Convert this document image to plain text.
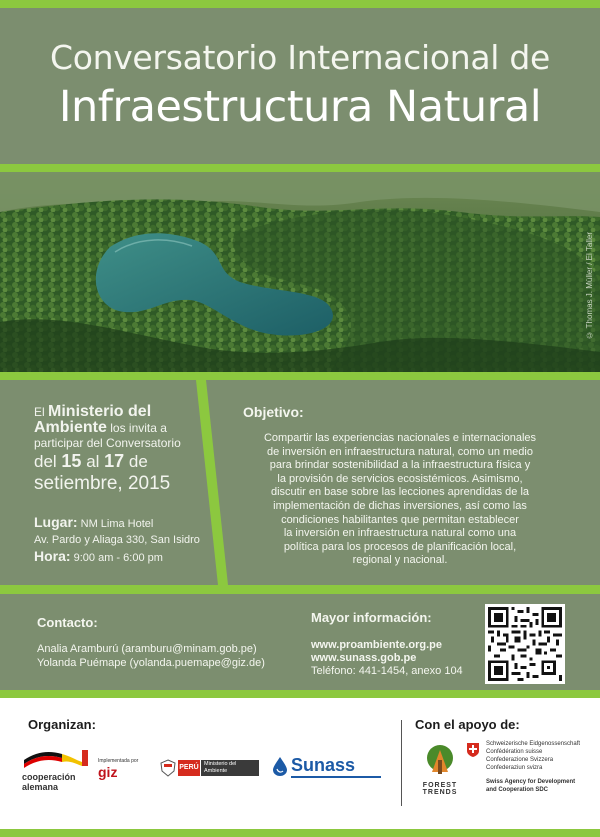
Conversatorio Internacional de
Infraestructura Natural
© Thomas J. Müller / El Taller
El Ministerio del
Ambiente los invita a
participar del Conversatorio
del 15 al 17 de
setiembre, 2015
Lugar: NM Lima Hotel
Av. Pardo y Aliaga 330, San Isidro
Hora: 9:00 am - 6:00 pm
Objetivo:
Compartir las experiencias nacionales e internacionales
de inversión en infraestructura natural, como un medio
para brindar sostenibilidad a la infraestructura física y
la provisión de servicios ecosistémicos. Asimismo,
discutir en base sobre las lecciones aprendidas de la
implementación de dichas inversiones, así como las
condiciones habilitantes que permitan establecer
la inversión en infraestructura natural como una
política para los procesos de planificación local,
regional y nacional.
Contacto:
Analia Aramburú (aramburu@minam.gob.pe)
Yolanda Puémape (yolanda.puemape@giz.de)
Mayor información:
www.proambiente.org.pe
www.sunass.gob.pe
Teléfono: 441-1454, anexo 104
Organizan:	Con el apoyo de:
cooperación
alemana
Implementada por
giz	PERÚ Ministerio del Ambiente	Sunass
FOREST
TRENDS
Schweizerische Eidgenossenschaft
Confédération suisse
Confederazione Svizzera
Confederaziun svizra
Swiss Agency for Development
and Cooperation SDC
